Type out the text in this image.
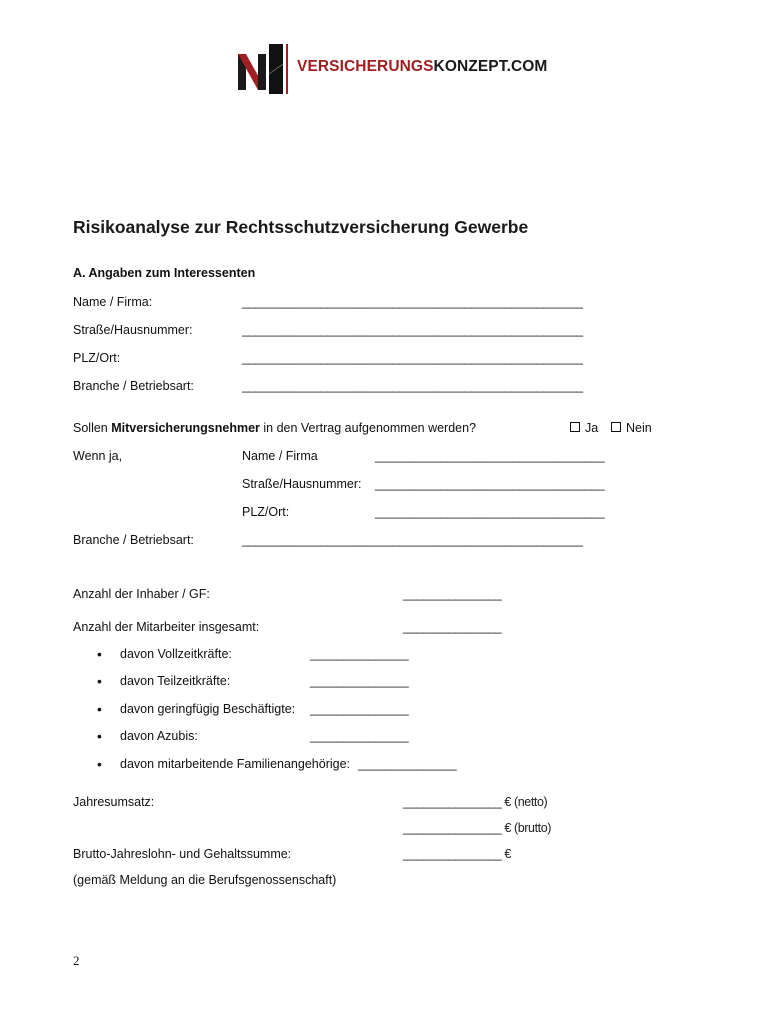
VERSICHERUNGSKONZEPT.COM
Risikoanalyse zur Rechtsschutzversicherung Gewerbe
A. Angaben zum Interessenten
Name / Firma:	____________________________________________________
Straße/Hausnummer:	____________________________________________________
PLZ/Ort:	____________________________________________________
Branche / Betriebsart:	____________________________________________________
Sollen Mitversicherungsnehmer in den Vertrag aufgenommen werden?	Ja	Nein
Wenn ja,	Name / Firma	___________________________________
Straße/Hausnummer: ___________________________________
PLZ/Ort:	___________________________________
Branche / Betriebsart:	____________________________________________________
Anzahl der Inhaber / GF:	_______________
Anzahl der Mitarbeiter insgesamt:	_______________
• davon Vollzeitkräfte:	_______________
• davon Teilzeitkräfte:	_______________
• davon geringfügig Beschäftigte: _______________
• davon Azubis:	_______________
• davon mitarbeitende Familienangehörige: _______________
Jahresumsatz:	_______________ € (netto)
_______________ € (brutto)
Brutto-Jahreslohn- und Gehaltssumme:	_______________ €
(gemäß Meldung an die Berufsgenossenschaft)
2
